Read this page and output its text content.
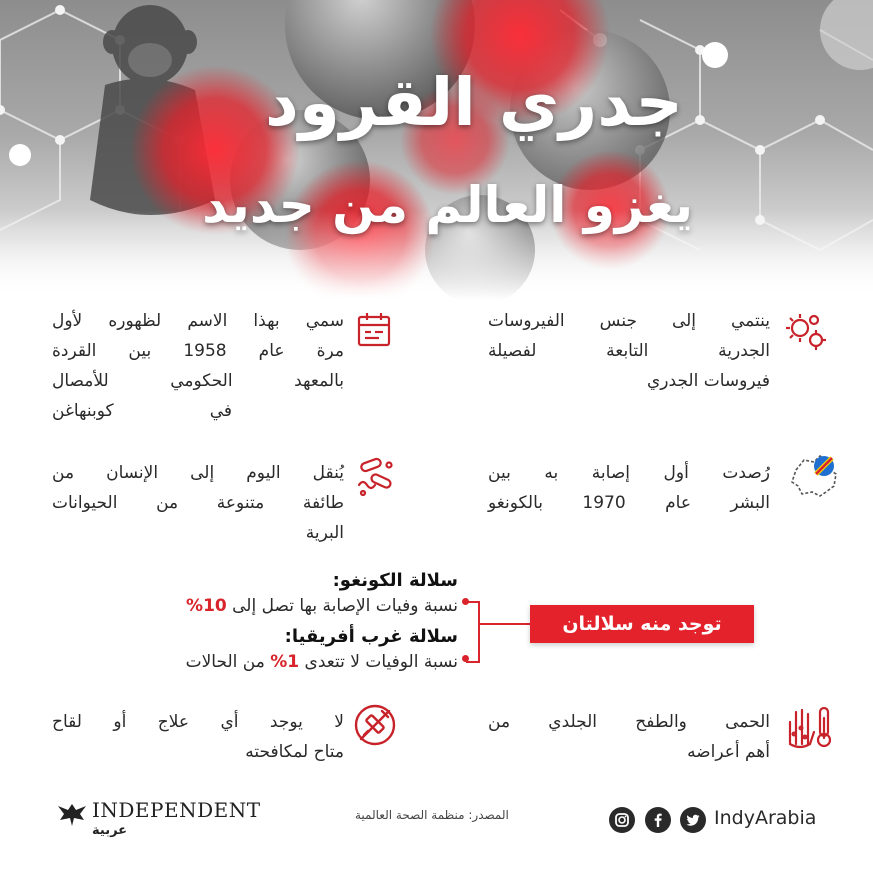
جدري القرود
يغزو العالم من جديد
ينتمي إلى جنس الفيروسات
الجدرية التابعة لفصيلة
فيروسات الجدري
سمي بهذا الاسم لظهوره لأول
مرة عام 1958 بين القردة
بالمعهد الحكومي للأمصال
في كوبنهاغن
رُصدت أول إصابة به بين
البشر عام 1970 بالكونغو
يُنقل اليوم إلى الإنسان من
طائفة متنوعة من الحيوانات
البرية
سلالة الكونغو:
نسبة وفيات الإصابة بها تصل إلى 10%
سلالة غرب أفريقيا:
نسبة الوفيات لا تتعدى 1% من الحالات
توجد منه سلالتان
الحمى والطفح الجلدي من
أهم أعراضه
لا يوجد أي علاج أو لقاح
متاح لمكافحته
INDEPENDENT
عربية
المصدر: منظمة الصحة العالمية	IndyArabia
